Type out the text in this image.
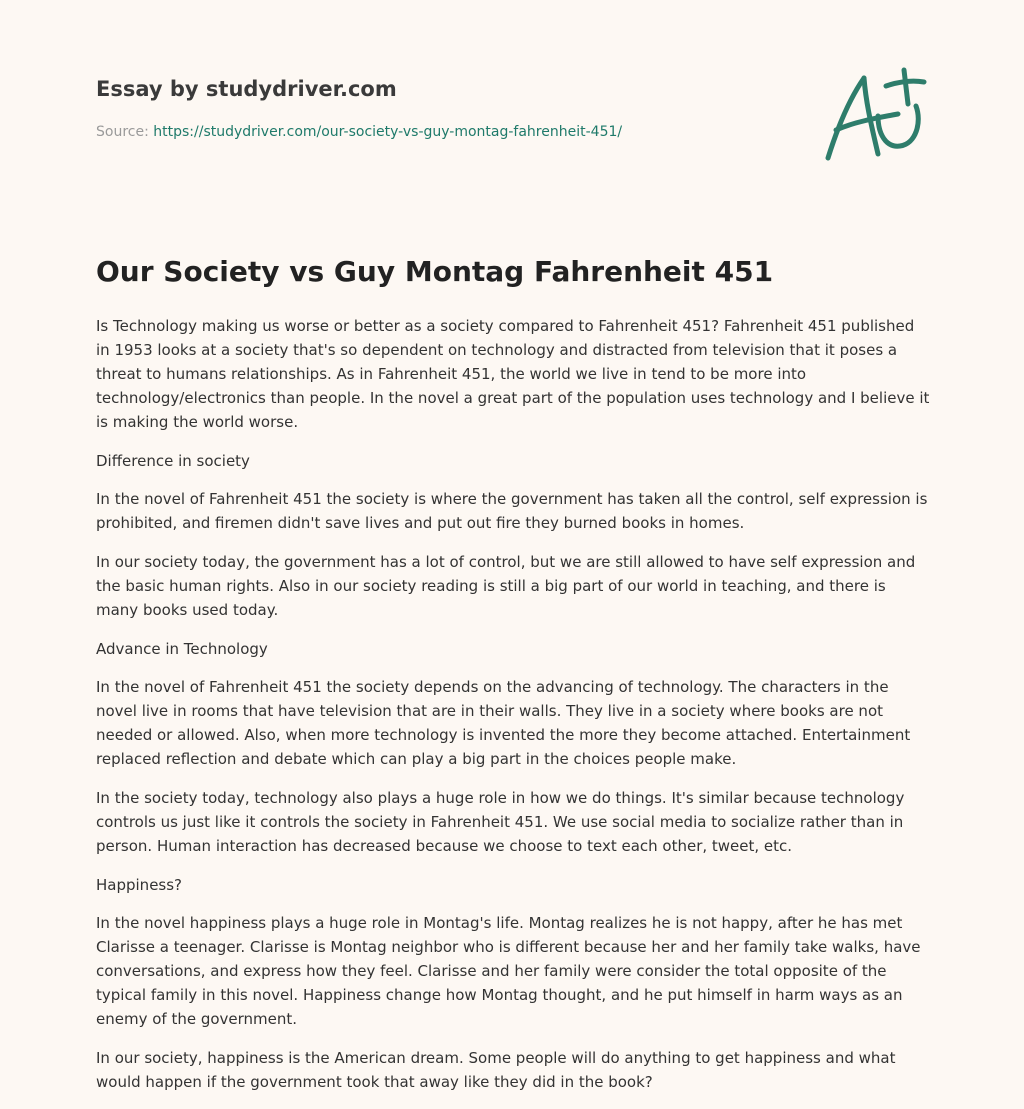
Essay by studydriver.com
Source: https://studydriver.com/our-society-vs-guy-montag-fahrenheit-451/
Our Society vs Guy Montag Fahrenheit 451

Is Technology making us worse or better as a society compared to Fahrenheit 451? Fahrenheit 451 published in 1953 looks at a society that's so dependent on technology and distracted from television that it poses a threat to humans relationships. As in Fahrenheit 451, the world we live in tend to be more into technology/electronics than people. In the novel a great part of the population uses technology and I believe it is making the world worse.

Difference in society

In the novel of Fahrenheit 451 the society is where the government has taken all the control, self expression is prohibited, and firemen didn't save lives and put out fire they burned books in homes.

In our society today, the government has a lot of control, but we are still allowed to have self expression and the basic human rights. Also in our society reading is still a big part of our world in teaching, and there is many books used today.

Advance in Technology

In the novel of Fahrenheit 451 the society depends on the advancing of technology. The characters in the novel live in rooms that have television that are in their walls. They live in a society where books are not needed or allowed. Also, when more technology is invented the more they become attached. Entertainment replaced reflection and debate which can play a big part in the choices people make.

In the society today, technology also plays a huge role in how we do things. It's similar because technology controls us just like it controls the society in Fahrenheit 451. We use social media to socialize rather than in person. Human interaction has decreased because we choose to text each other, tweet, etc.

Happiness?

In the novel happiness plays a huge role in Montag's life. Montag realizes he is not happy, after he has met Clarisse a teenager. Clarisse is Montag neighbor who is different because her and her family take walks, have conversations, and express how they feel. Clarisse and her family were consider the total opposite of the typical family in this novel. Happiness change how Montag thought, and he put himself in harm ways as an enemy of the government.

In our society, happiness is the American dream. Some people will do anything to get happiness and what would happen if the government took that away like they did in the book?
